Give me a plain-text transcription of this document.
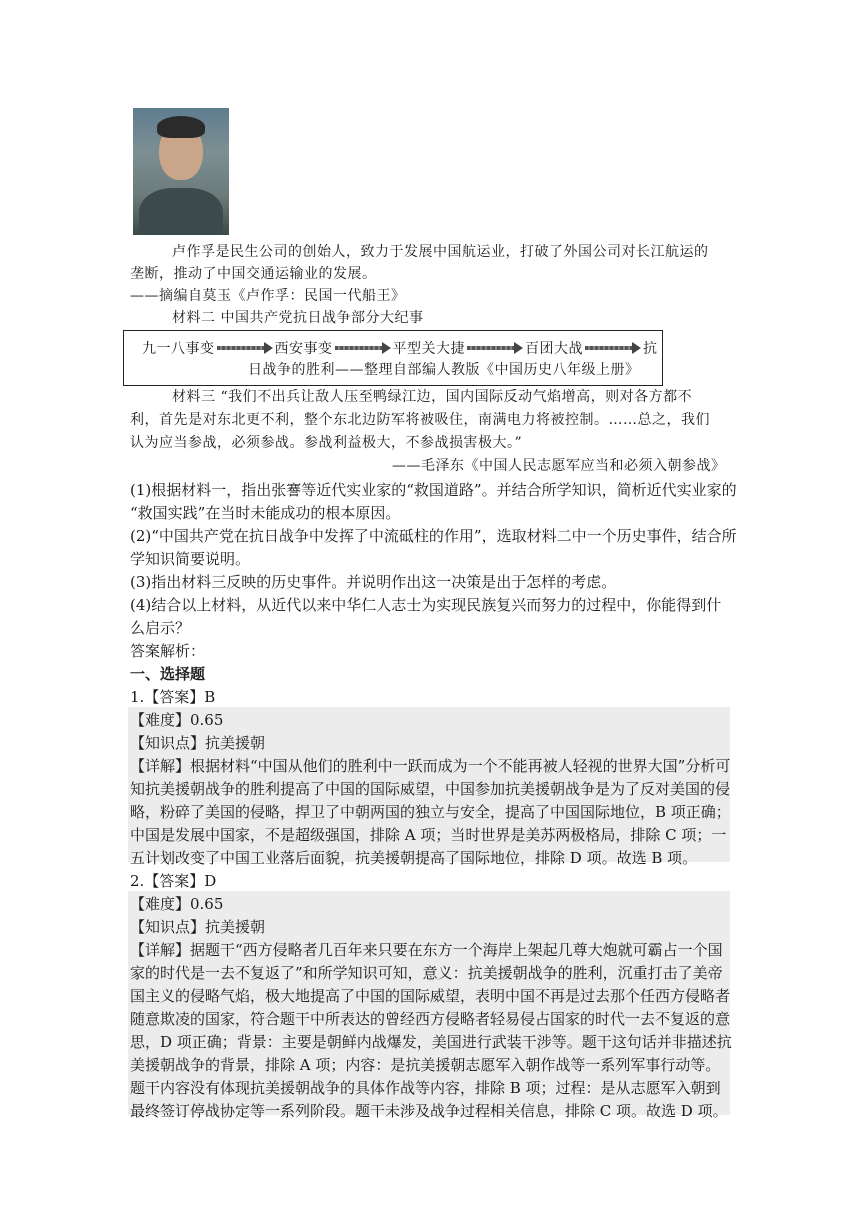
卢作孚是民生公司的创始人，致力于发展中国航运业，打破了外国公司对长江航运的
垄断，推动了中国交通运输业的发展。
——摘编自莫玉《卢作孚：民国一代船王》
材料二 中国共产党抗日战争部分大纪事
九一八事变	西安事变	平型关大捷	百团大战	抗
日战争的胜利——整理自部编人教版《中国历史八年级上册》
材料三 “我们不出兵让敌人压至鸭绿江边，国内国际反动气焰增高，则对各方都不
利，首先是对东北更不利，整个东北边防军将被吸住，南满电力将被控制。……总之，我们
认为应当参战，必须参战。参战利益极大，不参战损害极大。”
——毛泽东《中国人民志愿军应当和必须入朝参战》
(1)根据材料一，指出张謇等近代实业家的“救国道路”。并结合所学知识，简析近代实业家的
“救国实践”在当时未能成功的根本原因。
(2)“中国共产党在抗日战争中发挥了中流砥柱的作用”，选取材料二中一个历史事件，结合所
学知识简要说明。
(3)指出材料三反映的历史事件。并说明作出这一决策是出于怎样的考虑。
(4)结合以上材料，从近代以来中华仁人志士为实现民族复兴而努力的过程中，你能得到什
么启示？
答案解析：
一、选择题
1.【答案】B
【难度】0.65
【知识点】抗美援朝
【详解】根据材料“中国从他们的胜利中一跃而成为一个不能再被人轻视的世界大国”分析可
知抗美援朝战争的胜利提高了中国的国际威望，中国参加抗美援朝战争是为了反对美国的侵
略，粉碎了美国的侵略，捍卫了中朝两国的独立与安全，提高了中国国际地位，B 项正确；
中国是发展中国家，不是超级强国，排除 A 项；当时世界是美苏两极格局，排除 C 项；一
五计划改变了中国工业落后面貌，抗美援朝提高了国际地位，排除 D 项。故选 B 项。
2.【答案】D
【难度】0.65
【知识点】抗美援朝
【详解】据题干“西方侵略者几百年来只要在东方一个海岸上架起几尊大炮就可霸占一个国
家的时代是一去不复返了”和所学知识可知，意义：抗美援朝战争的胜利，沉重打击了美帝
国主义的侵略气焰，极大地提高了中国的国际威望，表明中国不再是过去那个任西方侵略者
随意欺凌的国家，符合题干中所表达的曾经西方侵略者轻易侵占国家的时代一去不复返的意
思，D 项正确；背景：主要是朝鲜内战爆发，美国进行武装干涉等。题干这句话并非描述抗
美援朝战争的背景，排除 A 项；内容：是抗美援朝志愿军入朝作战等一系列军事行动等。
题干内容没有体现抗美援朝战争的具体作战等内容，排除 B 项；过程：是从志愿军入朝到
最终签订停战协定等一系列阶段。题干未涉及战争过程相关信息，排除 C 项。故选 D 项。
